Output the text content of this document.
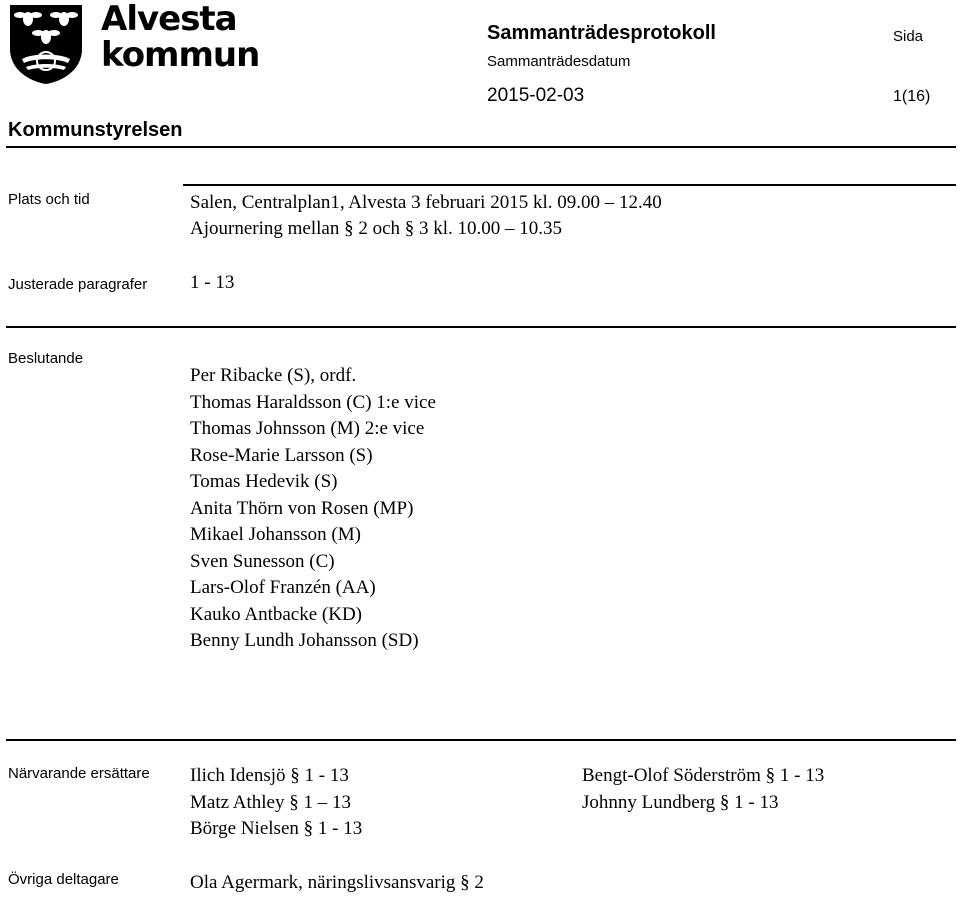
Alvesta
kommun
Sammanträdesprotokoll
Sammanträdesdatum
2015-02-03
Sida
1(16)
Kommunstyrelsen
Plats och tid	Salen, Centralplan1, Alvesta 3 februari 2015 kl. 09.00 – 12.40
Ajournering mellan § 2 och § 3 kl. 10.00 – 10.35
Justerade paragrafer 1 - 13
Beslutande
Per Ribacke (S), ordf.
Thomas Haraldsson (C) 1:e vice
Thomas Johnsson (M) 2:e vice
Rose-Marie Larsson (S)
Tomas Hedevik (S)
Anita Thörn von Rosen (MP)
Mikael Johansson (M)
Sven Sunesson (C)
Lars-Olof Franzén (AA)
Kauko Antbacke (KD)
Benny Lundh Johansson (SD)
Närvarande ersättare Ilich Idensjö § 1 - 13
Matz Athley § 1 – 13
Börge Nielsen § 1 - 13
Bengt-Olof Söderström § 1 - 13
Johnny Lundberg § 1 - 13
Övriga deltagare	Ola Agermark, näringslivsansvarig § 2
